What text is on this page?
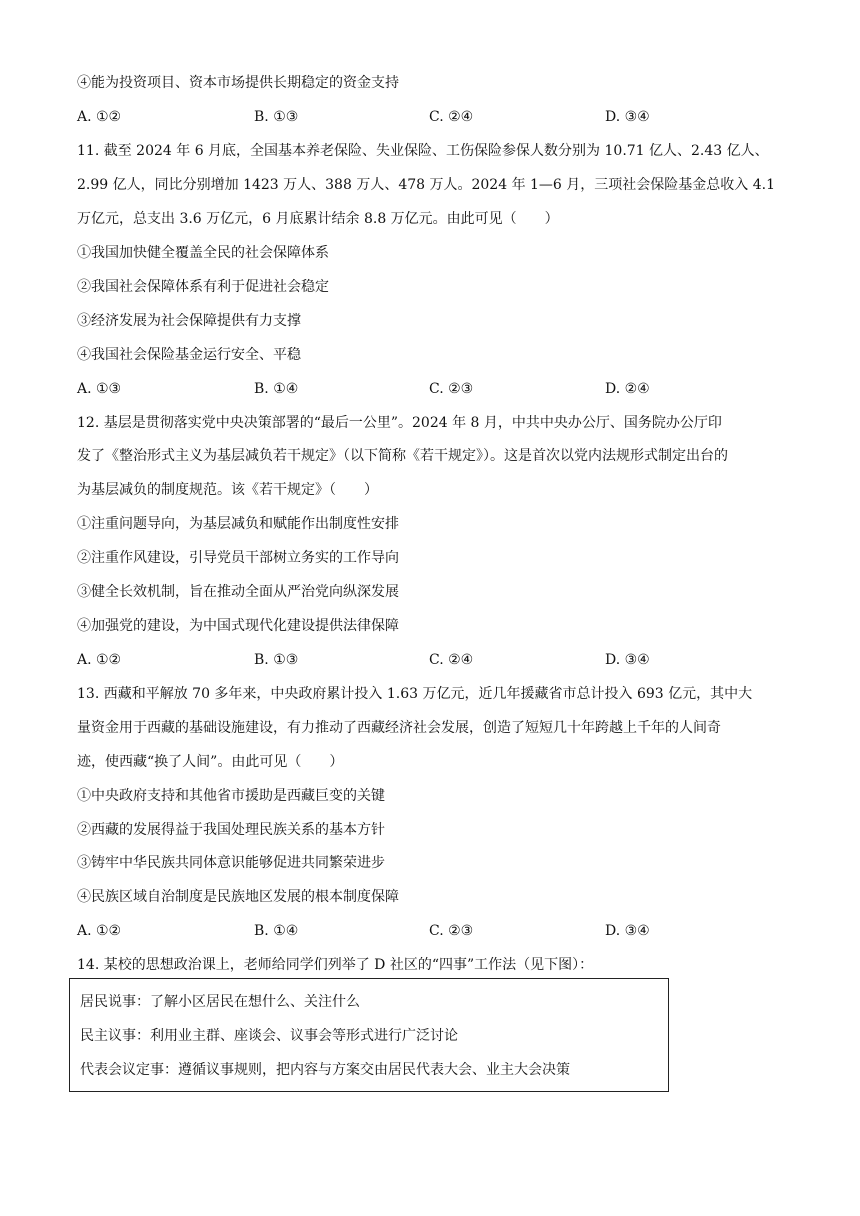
④能为投资项目、资本市场提供长期稳定的资金支持
A. ①②	B. ①③	C. ②④	D. ③④
11. 截至 2024 年 6 月底，全国基本养老保险、失业保险、工伤保险参保人数分别为 10.71 亿人、2.43 亿人、
2.99 亿人，同比分别增加 1423 万人、388 万人、478 万人。2024 年 1—6 月，三项社会保险基金总收入 4.1
万亿元，总支出 3.6 万亿元，6 月底累计结余 8.8 万亿元。由此可见（　　）
①我国加快健全覆盖全民的社会保障体系
②我国社会保障体系有利于促进社会稳定
③经济发展为社会保障提供有力支撑
④我国社会保险基金运行安全、平稳
A. ①③	B. ①④	C. ②③	D. ②④
12. 基层是贯彻落实党中央决策部署的“最后一公里”。2024 年 8 月，中共中央办公厅、国务院办公厅印
发了《整治形式主义为基层减负若干规定》（以下简称《若干规定》）。这是首次以党内法规形式制定出台的
为基层减负的制度规范。该《若干规定》（　　）
①注重问题导向，为基层减负和赋能作出制度性安排
②注重作风建设，引导党员干部树立务实的工作导向
③健全长效机制，旨在推动全面从严治党向纵深发展
④加强党的建设，为中国式现代化建设提供法律保障
A. ①②	B. ①③	C. ②④	D. ③④
13. 西藏和平解放 70 多年来，中央政府累计投入 1.63 万亿元，近几年援藏省市总计投入 693 亿元，其中大
量资金用于西藏的基础设施建设，有力推动了西藏经济社会发展，创造了短短几十年跨越上千年的人间奇
迹，使西藏“换了人间”。由此可见（　　）
①中央政府支持和其他省市援助是西藏巨变的关键
②西藏的发展得益于我国处理民族关系的基本方针
③铸牢中华民族共同体意识能够促进共同繁荣进步
④民族区域自治制度是民族地区发展的根本制度保障
A. ①②	B. ①④	C. ②③	D. ③④
14. 某校的思想政治课上，老师给同学们列举了 D 社区的“四事”工作法（见下图）：
居民说事：了解小区居民在想什么、关注什么
民主议事：利用业主群、座谈会、议事会等形式进行广泛讨论
代表会议定事：遵循议事规则，把内容与方案交由居民代表大会、业主大会决策
